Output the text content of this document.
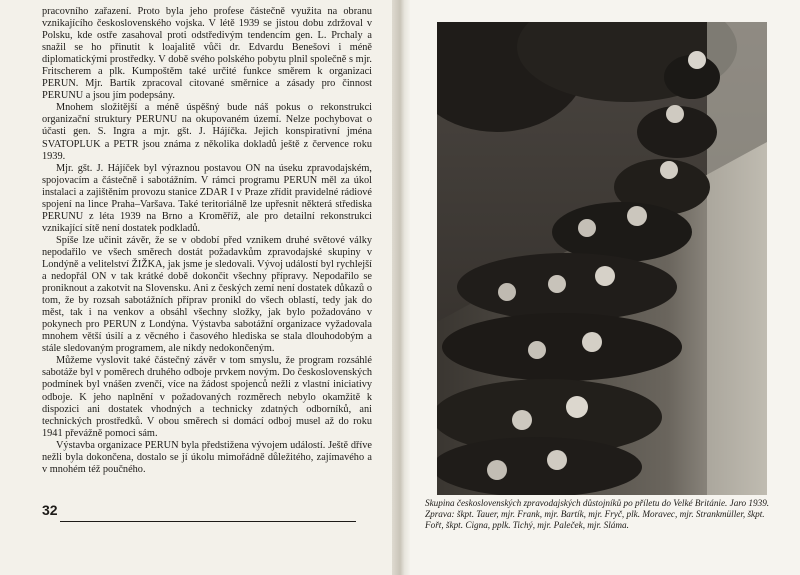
pracovního zařazení. Proto byla jeho profese částečně využita na obranu vznikajícího československého vojska. V létě 1939 se jistou dobu zdržoval v Polsku, kde ostře zasahoval proti odstředivým tendencím gen. L. Prchaly a snažil se ho přinutit k loajalitě vůči dr. Edvardu Benešovi i méně diplomatickými prostředky. V době svého polského pobytu plnil společně s mjr. Fritscherem a plk. Kumpoštěm také určité funkce směrem k organizaci PERUN. Mjr. Bartík zpracoval citované směrnice a zásady pro činnost PERUNU a jsou jím podepsány.

Mnohem složitější a méně úspěšný bude náš pokus o rekonstrukci organizační struktury PERUNU na okupovaném území. Nelze pochybovat o účasti gen. S. Ingra a mjr. gšt. J. Hájíčka. Jejich konspirativní jména SVATOPLUK a PETR jsou známa z několika dokladů ještě z července roku 1939.

Mjr. gšt. J. Hájíček byl výraznou postavou ON na úseku zpravodajském, spojovacím a částečně i sabotážním. V rámci programu PERUN měl za úkol instalaci a zajištěním provozu stanice ZDAR I v Praze zřídit pravidelné rádiové spojení na lince Praha–Varšava. Také teritoriálně lze upřesnit některá střediska PERUNU z léta 1939 na Brno a Kroměříž, ale pro detailní rekonstrukci vznikající sítě není dostatek podkladů.

Spíše lze učinit závěr, že se v období před vznikem druhé světové války nepodařilo ve všech směrech dostát požadavkům zpravodajské skupiny v Londýně a velitelství ŽIŽKA, jak jsme je sledovali. Vývoj událostí byl rychlejší a nedopřál ON v tak krátké době dokončit všechny přípravy. Nepodařilo se proniknout a zakotvit na Slovensku. Ani z českých zemí není dostatek důkazů o tom, že by rozsah sabotážních příprav pronikl do všech oblastí, tedy jak do měst, tak i na venkov a obsáhl všechny složky, jak bylo požadováno v pokynech pro PERUN z Londýna. Výstavba sabotážní organizace vyžadovala mnohem větší úsilí a z věcného i časového hlediska se stala dlouhodobým a stále sledovaným programem, ale nikdy nedokončeným.

Můžeme vyslovit také částečný závěr v tom smyslu, že program rozsáhlé sabotáže byl v poměrech druhého odboje prvkem novým. Do československých podmínek byl vnášen zvenčí, více na žádost spojenců nežli z vlastní iniciativy odboje. K jeho naplnění v požadovaných rozměrech nebylo okamžitě k dispozici ani dostatek vhodných a technicky zdatných odborníků, ani technických prostředků. V obou směrech si domácí odboj musel až do roku 1941 převážně pomoci sám.

Výstavba organizace PERUN byla předstižena vývojem událostí. Ještě dříve nežli byla dokončena, dostalo se jí úkolu mimořádně důležitého, zajímavého a v mnohém též poučného.

32	Skupina československých zpravodajských důstojníků po příletu do Velké Británie. Jaro 1939. Zprava: škpt. Tauer, mjr. Frank, mjr. Bartík, mjr. Fryč, plk. Moravec, mjr. Strankmüller, škpt. Fořt, škpt. Cigna, pplk. Tichý, mjr. Paleček, mjr. Sláma.
